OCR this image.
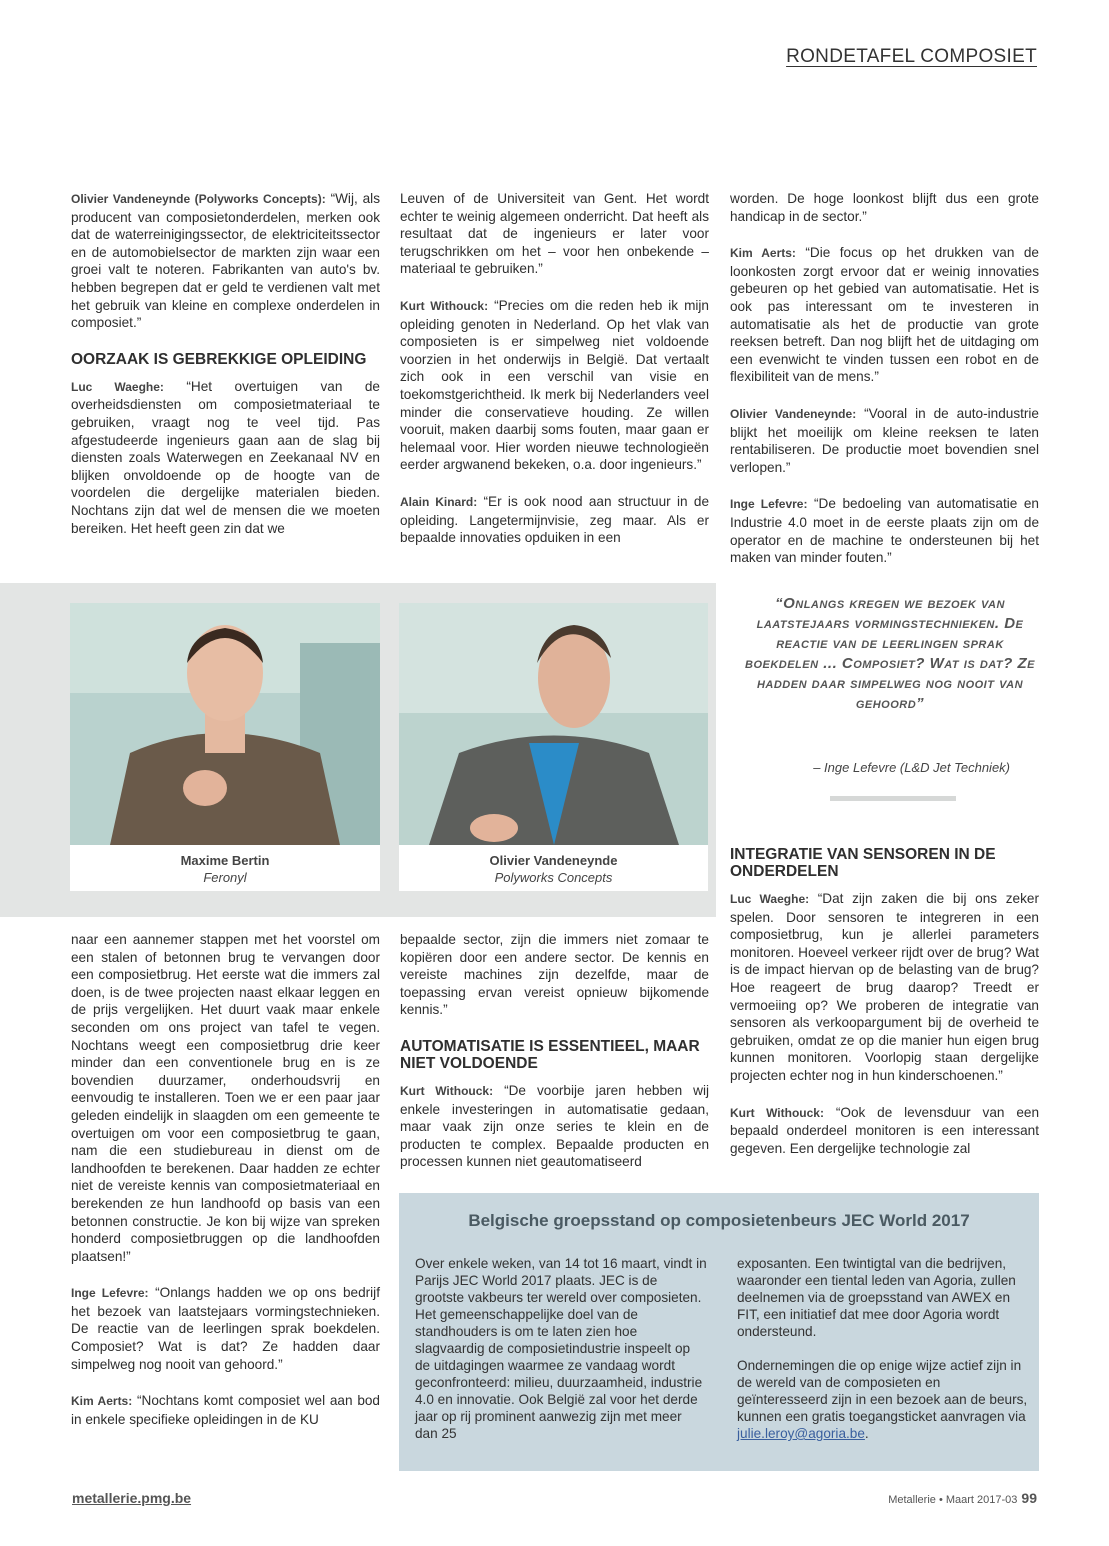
RONDETAFEL COMPOSIET

Olivier Vandeneynde (Polyworks Concepts): “Wij, als producent van composietonderdelen, merken ook dat de waterreinigingssector, de elektriciteitssector en de automobielsector de markten zijn waar een groei valt te noteren. Fabrikanten van auto's bv. hebben begrepen dat er geld te verdienen valt met het gebruik van kleine en complexe onderdelen in composiet.”

OORZAAK IS GEBREKKIGE OPLEIDING

Luc Waeghe: “Het overtuigen van de overheidsdiensten om composietmateriaal te gebruiken, vraagt nog te veel tijd. Pas afgestudeerde ingenieurs gaan aan de slag bij diensten zoals Waterwegen en Zeekanaal NV en blijken onvoldoende op de hoogte van de voordelen die dergelijke materialen bieden. Nochtans zijn dat wel de mensen die we moeten bereiken. Het heeft geen zin dat we

Leuven of de Universiteit van Gent. Het wordt echter te weinig algemeen onderricht. Dat heeft als resultaat dat de ingenieurs er later voor terugschrikken om het – voor hen onbekende – materiaal te gebruiken.”

Kurt Withouck: “Precies om die reden heb ik mijn opleiding genoten in Nederland. Op het vlak van composieten is er simpelweg niet voldoende voorzien in het onderwijs in België. Dat vertaalt zich ook in een verschil van visie en toekomstgerichtheid. Ik merk bij Nederlanders veel minder die conservatieve houding. Ze willen vooruit, maken daarbij soms fouten, maar gaan er helemaal voor. Hier worden nieuwe technologieën eerder argwanend bekeken, o.a. door ingenieurs.”

Alain Kinard: “Er is ook nood aan structuur in de opleiding. Langetermijnvisie, zeg maar. Als er bepaalde innovaties opduiken in een

worden. De hoge loonkost blijft dus een grote handicap in de sector.”

Kim Aerts: “Die focus op het drukken van de loonkosten zorgt ervoor dat er weinig innovaties gebeuren op het gebied van automatisatie. Het is ook pas interessant om te investeren in automatisatie als het de productie van grote reeksen betreft. Dan nog blijft het de uitdaging om een evenwicht te vinden tussen een robot en de flexibiliteit van de mens.”

Olivier Vandeneynde: “Vooral in de auto-industrie blijkt het moeilijk om kleine reeksen te laten rentabiliseren. De productie moet bovendien snel verlopen.”

Inge Lefevre: “De bedoeling van automatisatie en Industrie 4.0 moet in de eerste plaats zijn om de operator en de machine te ondersteunen bij het maken van minder fouten.”

Maxime Bertin
Feronyl
Olivier Vandeneynde
Polyworks Concepts
“Onlangs kregen we bezoek van laatstejaars vormingstechnieken. De reactie van de leerlingen sprak boekdelen ... Composiet? Wat is dat? Ze hadden daar simpelweg nog nooit van gehoord”
– Inge Lefevre (L&D Jet Techniek)

naar een aannemer stappen met het voorstel om een stalen of betonnen brug te vervangen door een composietbrug. Het eerste wat die immers zal doen, is de twee projecten naast elkaar leggen en de prijs vergelijken. Het duurt vaak maar enkele seconden om ons project van tafel te vegen. Nochtans weegt een composietbrug drie keer minder dan een conventionele brug en is ze bovendien duurzamer, onderhoudsvrij en eenvoudig te installeren. Toen we er een paar jaar geleden eindelijk in slaagden om een gemeente te overtuigen om voor een composietbrug te gaan, nam die een studiebureau in dienst om de landhoofden te berekenen. Daar hadden ze echter niet de vereiste kennis van composietmateriaal en berekenden ze hun landhoofd op basis van een betonnen constructie. Je kon bij wijze van spreken honderd composietbruggen op die landhoofden plaatsen!”

Inge Lefevre: “Onlangs hadden we op ons bedrijf het bezoek van laatstejaars vormingstechnieken. De reactie van de leerlingen sprak boekdelen. Composiet? Wat is dat? Ze hadden daar simpelweg nog nooit van gehoord.”

Kim Aerts: “Nochtans komt composiet wel aan bod in enkele specifieke opleidingen in de KU

bepaalde sector, zijn die immers niet zomaar te kopiëren door een andere sector. De kennis en vereiste machines zijn dezelfde, maar de toepassing ervan vereist opnieuw bijkomende kennis.”

AUTOMATISATIE IS ESSENTIEEL, MAAR NIET VOLDOENDE

Kurt Withouck: “De voorbije jaren hebben wij enkele investeringen in automatisatie gedaan, maar vaak zijn onze series te klein en de producten te complex. Bepaalde producten en processen kunnen niet geautomatiseerd

INTEGRATIE VAN SENSOREN IN DE ONDERDELEN

Luc Waeghe: “Dat zijn zaken die bij ons zeker spelen. Door sensoren te integreren in een composietbrug, kun je allerlei parameters monitoren. Hoeveel verkeer rijdt over de brug? Wat is de impact hiervan op de belasting van de brug? Hoe reageert de brug daarop? Treedt er vermoeiing op? We proberen de integratie van sensoren als verkoopargument bij de overheid te gebruiken, omdat ze op die manier hun eigen brug kunnen monitoren. Voorlopig staan dergelijke projecten echter nog in hun kinderschoenen.”

Kurt Withouck: “Ook de levensduur van een bepaald onderdeel monitoren is een interessant gegeven. Een dergelijke technologie zal

Belgische groepsstand op composietenbeurs JEC World 2017

Over enkele weken, van 14 tot 16 maart, vindt in Parijs JEC World 2017 plaats. JEC is de grootste vakbeurs ter wereld over composieten. Het gemeenschappelijke doel van de standhouders is om te laten zien hoe slagvaardig de composietindustrie inspeelt op de uitdagingen waarmee ze vandaag wordt geconfronteerd: milieu, duurzaamheid, industrie 4.0 en innovatie. Ook België zal voor het derde jaar op rij prominent aanwezig zijn met meer dan 25

exposanten. Een twintigtal van die bedrijven, waaronder een tiental leden van Agoria, zullen deelnemen via de groepsstand van AWEX en FIT, een initiatief dat mee door Agoria wordt ondersteund.

Ondernemingen die op enige wijze actief zijn in de wereld van de composieten en geïnteresseerd zijn in een bezoek aan de beurs, kunnen een gratis toegangsticket aanvragen via julie.leroy@agoria.be.

metallerie.pmg.be	Metallerie • Maart 2017-03 99
